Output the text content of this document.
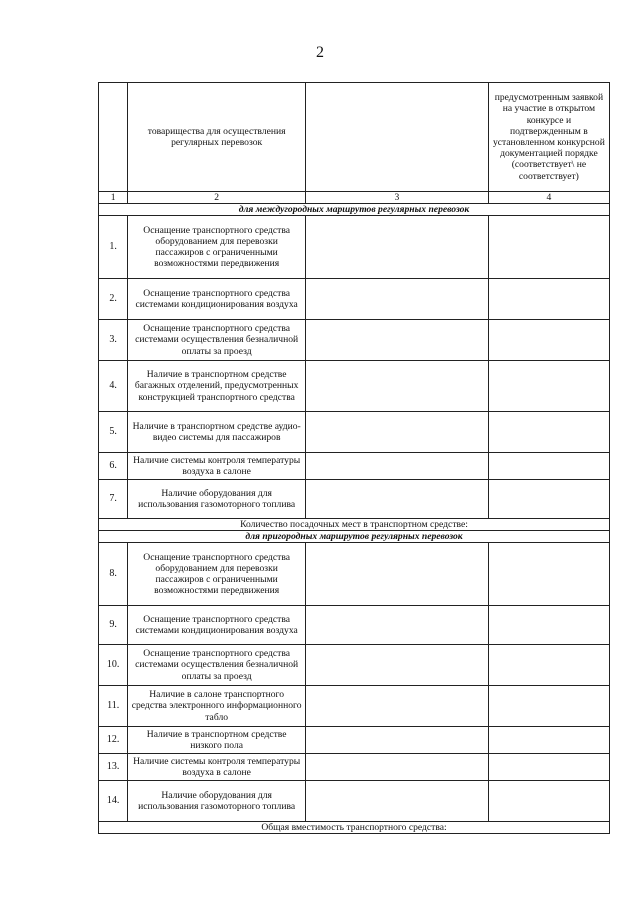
2
	товарищества для осуществления регулярных перевозок		предусмотренным заявкой на участие в открытом конкурсе и подтвержденным в установленном конкурсной документацией порядке (соответствует\ не соответствует)
1	2	3	4
для междугородных маршрутов регулярных перевозок			
1.	Оснащение транспортного средства оборудованием для перевозки пассажиров с ограниченными возможностями передвижения		
2.	Оснащение транспортного средства системами кондиционирования воздуха		
3.	Оснащение транспортного средства системами осуществления безналичной оплаты за проезд		
4.	Наличие в транспортном средстве багажных отделений, предусмотренных конструкцией транспортного средства		
5.	Наличие в транспортном средстве аудио-видео системы для пассажиров		
6.	Наличие системы контроля температуры воздуха в салоне		
7.	Наличие оборудования для использования газомоторного топлива		
Количество посадочных мест в транспортном средстве:			
для пригородных маршрутов регулярных перевозок			
8.	Оснащение транспортного средства оборудованием для перевозки пассажиров с ограниченными возможностями передвижения		
9.	Оснащение транспортного средства системами кондиционирования воздуха		
10.	Оснащение транспортного средства системами осуществления безналичной оплаты за проезд		
11.	Наличие в салоне транспортного средства электронного информационного табло		
12.	Наличие в транспортном средстве низкого пола		
13.	Наличие системы контроля температуры воздуха в салоне		
14.	Наличие оборудования для использования газомоторного топлива		
Общая вместимость транспортного средства:			
